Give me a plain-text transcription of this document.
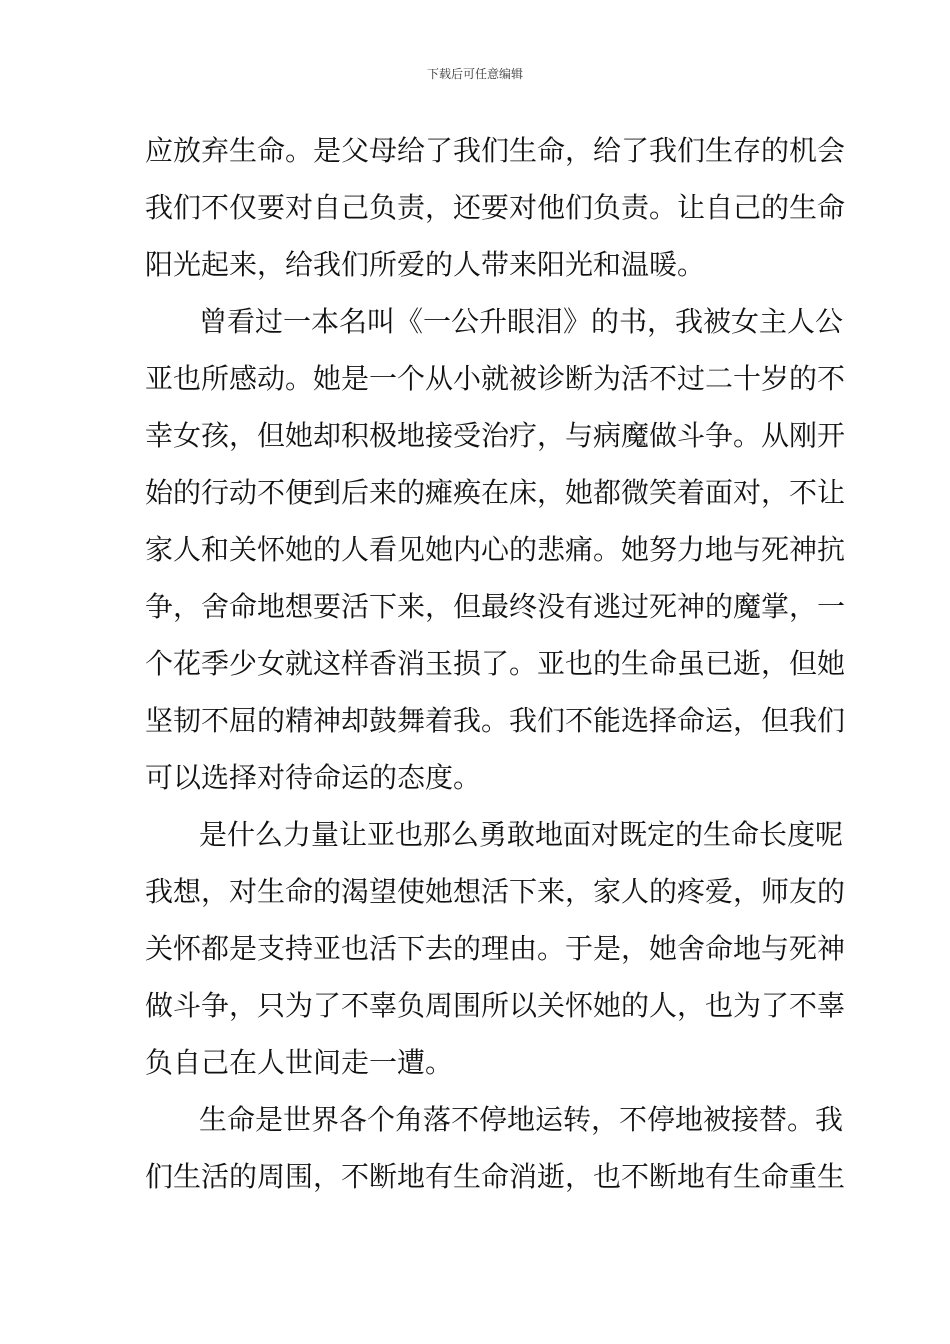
下载后可任意编辑
应放弃生命。是父母给了我们生命，给了我们生存的机会
我们不仅要对自己负责，还要对他们负责。让自己的生命
阳光起来，给我们所爱的人带来阳光和温暖。
曾看过一本名叫《一公升眼泪》的书，我被女主人公
亚也所感动。她是一个从小就被诊断为活不过二十岁的不
幸女孩，但她却积极地接受治疗，与病魔做斗争。从刚开
始的行动不便到后来的瘫痪在床，她都微笑着面对，不让
家人和关怀她的人看见她内心的悲痛。她努力地与死神抗
争，舍命地想要活下来，但最终没有逃过死神的魔掌，一
个花季少女就这样香消玉损了。亚也的生命虽已逝，但她
坚韧不屈的精神却鼓舞着我。我们不能选择命运，但我们
可以选择对待命运的态度。
是什么力量让亚也那么勇敢地面对既定的生命长度呢
我想，对生命的渴望使她想活下来，家人的疼爱，师友的
关怀都是支持亚也活下去的理由。于是，她舍命地与死神
做斗争，只为了不辜负周围所以关怀她的人，也为了不辜
负自己在人世间走一遭。
生命是世界各个角落不停地运转，不停地被接替。我
们生活的周围，不断地有生命消逝，也不断地有生命重生
